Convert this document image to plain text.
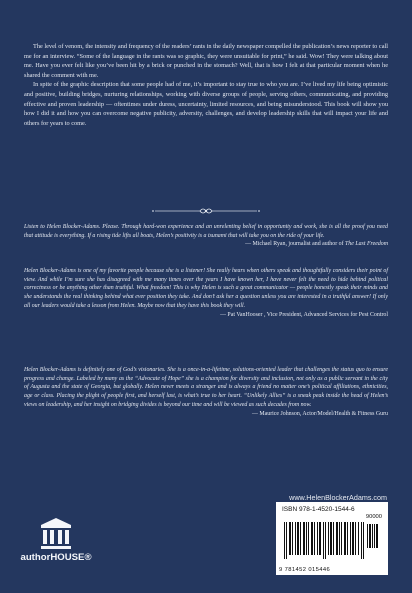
The level of venom, the intensity and frequency of the readers’ rants in the daily newspaper compelled the publication’s news reporter to call me for an interview. “Some of the language in the rants was so graphic, they were unsuitable for print,” he said. Wow! They were talking about me. Have you ever felt like you’ve been hit by a brick or punched in the stomach? Well, that is how I felt at that particular moment when he shared the comment with me.

In spite of the graphic description that some people had of me, it’s important to stay true to who you are. I’ve lived my life being optimistic and positive, building bridges, nurturing relationships, working with diverse groups of people, serving others, communicating, and providing effective and proven leadership — oftentimes under duress, uncertainty, limited resources, and being misunderstood. This book will show you how I did it and how you can overcome negative publicity, adversity, challenges, and develop leadership skills that will impact your life and others for years to come.

Listen to Helen Blocker-Adams. Please. Through hard-won experience and an unrelenting belief in opportunity and work, she is all the proof you need that attitude is everything. If a rising tide lifts all boats, Helen’s positivity is a tsunami that will take you on the ride of your life.
— Michael Ryan, journalist and author of The Last Freedom
Helen Blocker-Adams is one of my favorite people because she is a listener! She really hears when others speak and thoughtfully considers their point of view. And while I’m sure she has disagreed with me many times over the years I have known her, I have never felt the need to hide behind political correctness or be anything other than truthful. What freedom! This is why Helen is such a great communicator — people honestly speak their minds and she understands the real thinking behind what ever position they take. And don’t ask her a question unless you are interested in a truthful answer! If only all our leaders would take a lesson from Helen. Maybe now that they have this book they will.
— Pat VanHooser , Vice President, Advanced Services for Pest Control
Helen Blocker-Adams is definitely one of God’s visionaries. She is a once-in-a-lifetime, solutions-oriented leader that challenges the status quo to ensure progress and change. Labeled by many as the “Advocate of Hope” she is a champion for diversity and inclusion, not only as a public servant in the city of Augusta and the state of Georgia, but globally. Helen never meets a stranger and is always a friend no matter one’s political affiliations, ethnicities, age or class. Placing the plight of people first, and herself last, is what’s true to her heart. “Unlikely Allies” is a sneak peak inside the head of Helen’s views on leadership, and her insight on bridging divides is beyond our time and will be viewed as such decades from now.
— Maurice Johnson, Actor/Model/Health & Fitness Guru
www.HelenBlockerAdams.com
ISBN 978-1-4520-1544-6
90000
9 781452 015446
authorHOUSE®
